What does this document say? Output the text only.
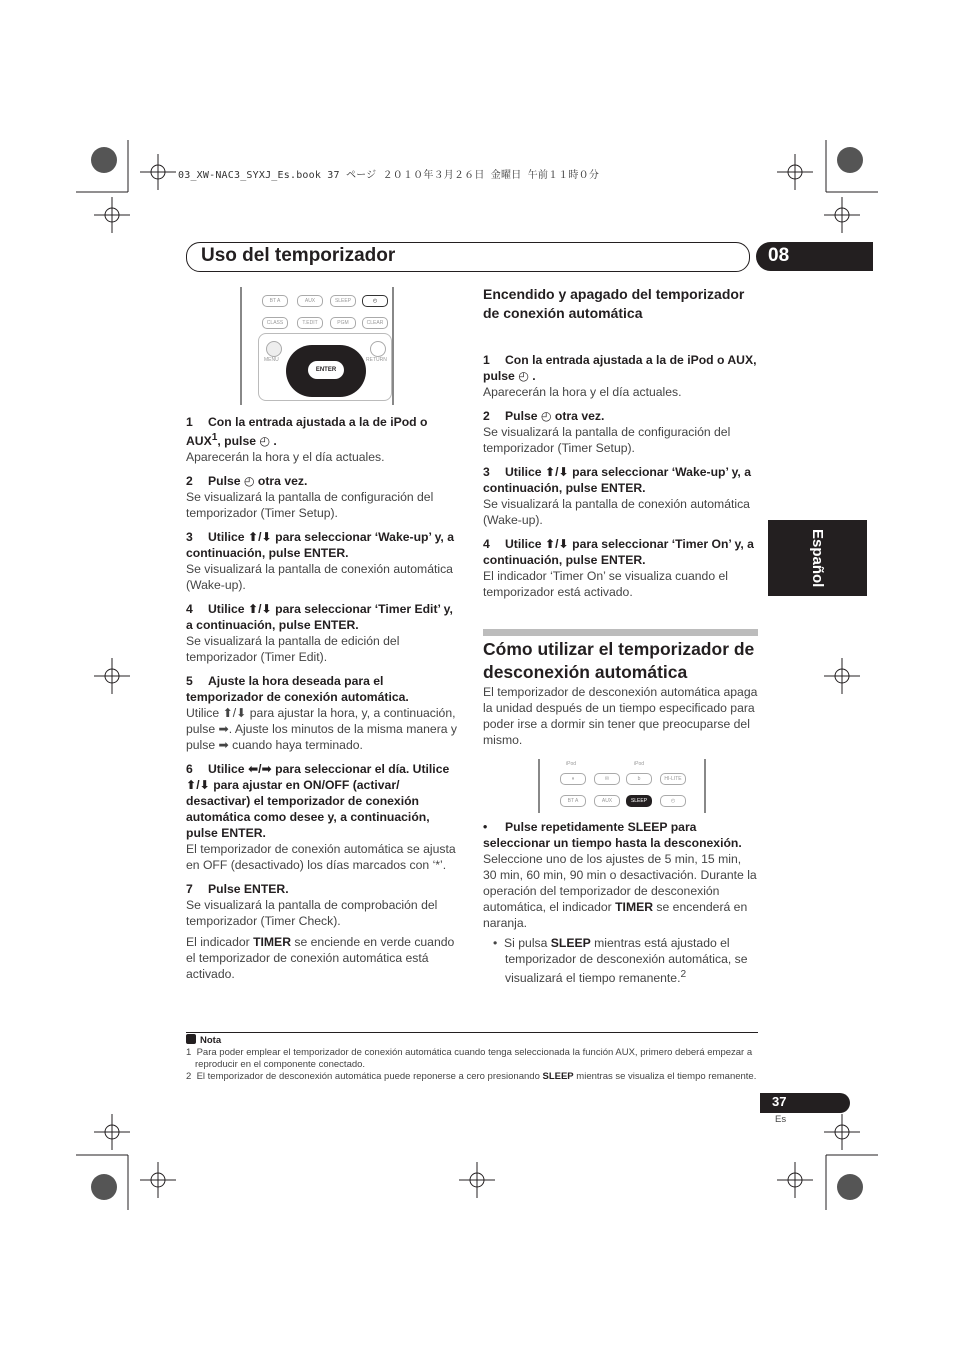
03_XW-NAC3_SYXJ_Es.book 37 ページ ２０１０年３月２６日 金曜日 午前１１時０分
Uso del temporizador	08
Español
BT A	AUX	SLEEP	◴
CLASS	T.EDIT	PGM	CLEAR
MENU	RETURN
ENTER

1 Con la entrada ajustada a la de iPod o AUX$^1$, pulse ◴ .

Aparecerán la hora y el día actuales.

2 Pulse ◴ otra vez.

Se visualizará la pantalla de configuración del temporizador (Timer Setup).

3 Utilice ⬆/⬇ para seleccionar ‘Wake-up’ y, a continuación, pulse ENTER.

Se visualizará la pantalla de conexión automática (Wake-up).

4 Utilice ⬆/⬇ para seleccionar ‘Timer Edit’ y, a continuación, pulse ENTER.

Se visualizará la pantalla de edición del temporizador (Timer Edit).

5 Ajuste la hora deseada para el temporizador de conexión automática.

Utilice ⬆/⬇ para ajustar la hora, y, a continuación, pulse ➡. Ajuste los minutos de la misma manera y pulse ➡ cuando haya terminado.

6 Utilice ⬅/➡ para seleccionar el día. Utilice ⬆/⬇ para ajustar en ON/OFF (activar/ desactivar) el temporizador de conexión automática como desee y, a continuación, pulse ENTER.

El temporizador de conexión automática se ajusta en OFF (desactivado) los días marcados con ‘*’.

7 Pulse ENTER.

Se visualizará la pantalla de comprobación del temporizador (Timer Check).

El indicador TIMER se enciende en verde cuando el temporizador de conexión automática está activado.

Encendido y apagado del temporizador de conexión automática

1 Con la entrada ajustada a la de iPod o AUX, pulse ◴ .

Aparecerán la hora y el día actuales.

2 Pulse ◴ otra vez.

Se visualizará la pantalla de configuración del temporizador (Timer Setup).

3 Utilice ⬆/⬇ para seleccionar ‘Wake-up’ y, a continuación, pulse ENTER.

Se visualizará la pantalla de conexión automática (Wake-up).

4 Utilice ⬆/⬇ para seleccionar ‘Timer On’ y, a continuación, pulse ENTER.

El indicador ‘Timer On’ se visualiza cuando el temporizador está activado.

Cómo utilizar el temporizador de desconexión automática

El temporizador de desconexión automática apaga la unidad después de un tiempo especificado para poder irse a dormir sin tener que preocuparse del mismo.

iPod	iPod
⏸	✉	b	HI-LITE
BT A	AUX	SLEEP	◴

• Pulse repetidamente SLEEP para seleccionar un tiempo hasta la desconexión.

Seleccione uno de los ajustes de 5 min, 15 min, 30 min, 60 min, 90 min o desactivación. Durante la operación del temporizador de desconexión automática, el indicador TIMER se encenderá en naranja.

•  Si pulsa SLEEP mientras está ajustado el temporizador de desconexión automática, se visualizará el tiempo remanente.$^2$

Nota
1 Para poder emplear el temporizador de conexión automática cuando tenga seleccionada la función AUX, primero deberá empezar a reproducir en el componente conectado.
2 El temporizador de desconexión automática puede reponerse a cero presionando SLEEP mientras se visualiza el tiempo remanente.
37
Es
